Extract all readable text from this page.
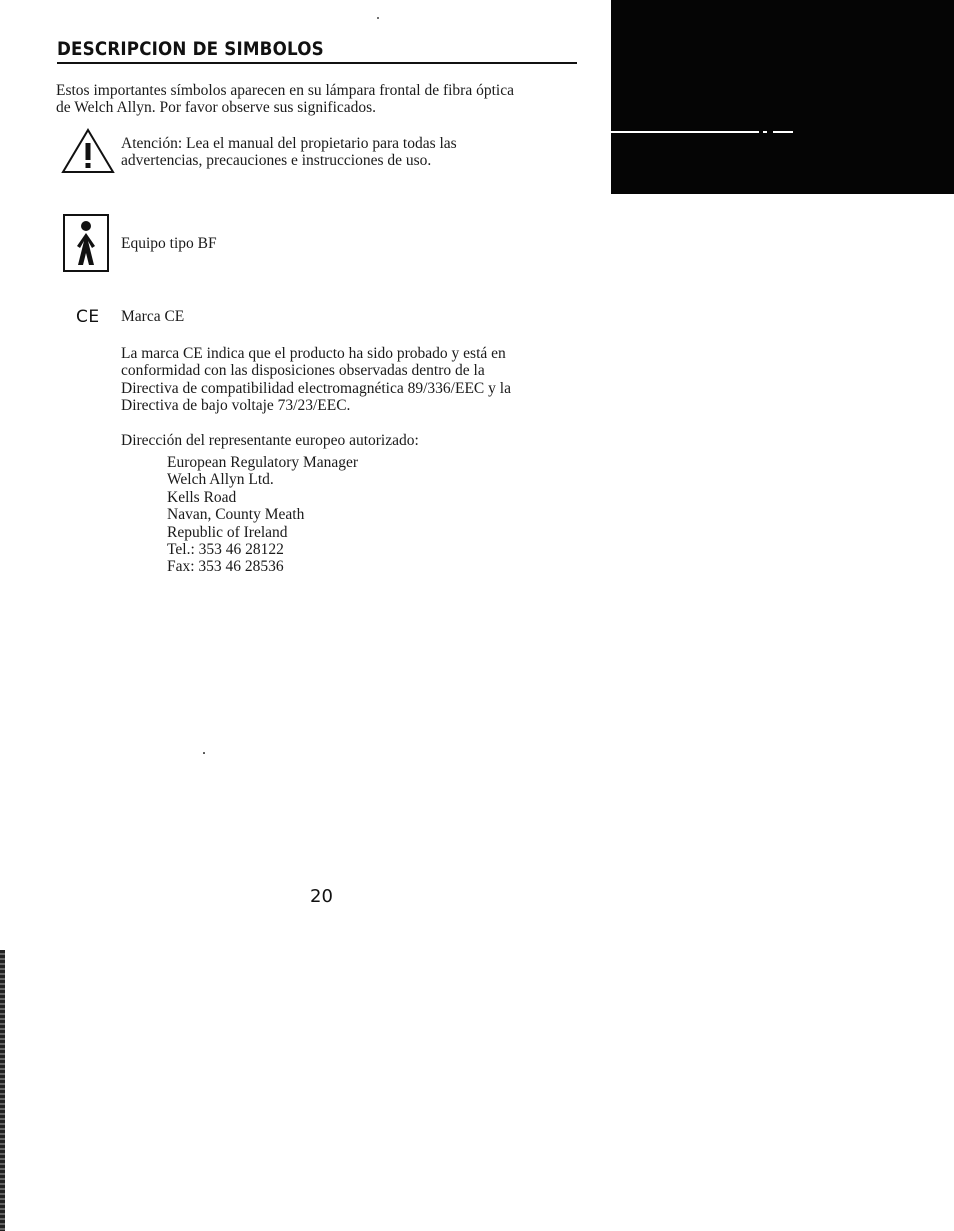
DESCRIPCION DE SIMBOLOS
Estos importantes símbolos aparecen en su lámpara frontal de fibra óptica
de Welch Allyn. Por favor observe sus significados.
Atención: Lea el manual del propietario para todas las
advertencias, precauciones e instrucciones de uso.
Equipo tipo BF
CE Marca CE
La marca CE indica que el producto ha sido probado y está en
conformidad con las disposiciones observadas dentro de la
Directiva de compatibilidad electromagnética 89/336/EEC y la
Directiva de bajo voltaje 73/23/EEC.
Dirección del representante europeo autorizado:
European Regulatory Manager
Welch Allyn Ltd.
Kells Road
Navan, County Meath
Republic of Ireland
Tel.: 353 46 28122
Fax: 353 46 28536
20
